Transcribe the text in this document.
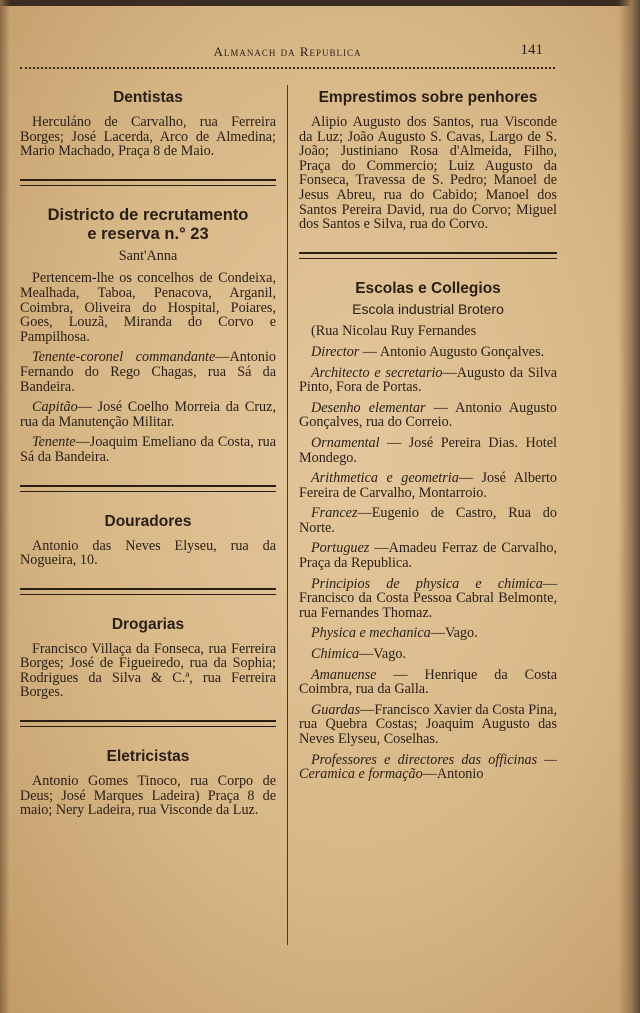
Almanach da Republica	141
Dentistas

Herculáno de Carvalho, rua Ferreira Borges; José Lacerda, Arco de Almedina; Mario Machado, Praça 8 de Maio.

Districto de recrutamento
e reserva n.° 23
Sant'Anna

Pertencem-lhe os concelhos de Condeixa, Mealhada, Taboa, Penacova, Arganil, Coimbra, Oliveira do Hospital, Poiares, Goes, Louzã, Miranda do Corvo e Pampilhosa.

Tenente-coronel commandante—Antonio Fernando do Rego Chagas, rua Sá da Bandeira.

Capitão— José Coelho Morreia da Cruz, rua da Manutenção Militar.

Tenente—Joaquim Emeliano da Costa, rua Sá da Bandeira.

Douradores

Antonio das Neves Elyseu, rua da Nogueira, 10.

Drogarias

Francisco Villaça da Fonseca, rua Ferreira Borges; José de Figueiredo, rua da Sophia; Rodrigues da Silva & C.ª, rua Ferreira Borges.

Eletricistas

Antonio Gomes Tinoco, rua Corpo de Deus; José Marques Ladeira) Praça 8 de maio; Nery Ladeira, rua Visconde da Luz.

Emprestimos sobre penhores

Alipio Augusto dos Santos, rua Visconde da Luz; João Augusto S. Cavas, Largo de S. João; Justiniano Rosa d'Almeida, Filho, Praça do Commercio; Luiz Augusto da Fonseca, Travessa de S. Pedro; Manoel de Jesus Abreu, rua do Cabido; Manoel dos Santos Pereira David, rua do Corvo; Miguel dos Santos e Silva, rua do Corvo.

Escolas e Collegios
Escola industrial Brotero

(Rua Nicolau Ruy Fernandes

Director — Antonio Augusto Gonçalves.

Architecto e secretario—Augusto da Silva Pinto, Fora de Portas.

Desenho elementar — Antonio Augusto Gonçalves, rua do Correio.

Ornamental — José Pereira Dias. Hotel Mondego.

Arithmetica e geometria— José Alberto Fereira de Carvalho, Montarroio.

Francez—Eugenio de Castro, Rua do Norte.

Portuguez —Amadeu Ferraz de Carvalho, Praça da Republica.

Principios de physica e chimica— Francisco da Costa Pessoa Cabral Belmonte, rua Fernandes Thomaz.

Physica e mechanica—Vago.

Chimica—Vago.

Amanuense — Henrique da Costa Coimbra, rua da Galla.

Guardas—Francisco Xavier da Costa Pina, rua Quebra Costas; Joaquim Augusto das Neves Elyseu, Coselhas.

Professores e directores das officinas —Ceramica e formação—Antonio
